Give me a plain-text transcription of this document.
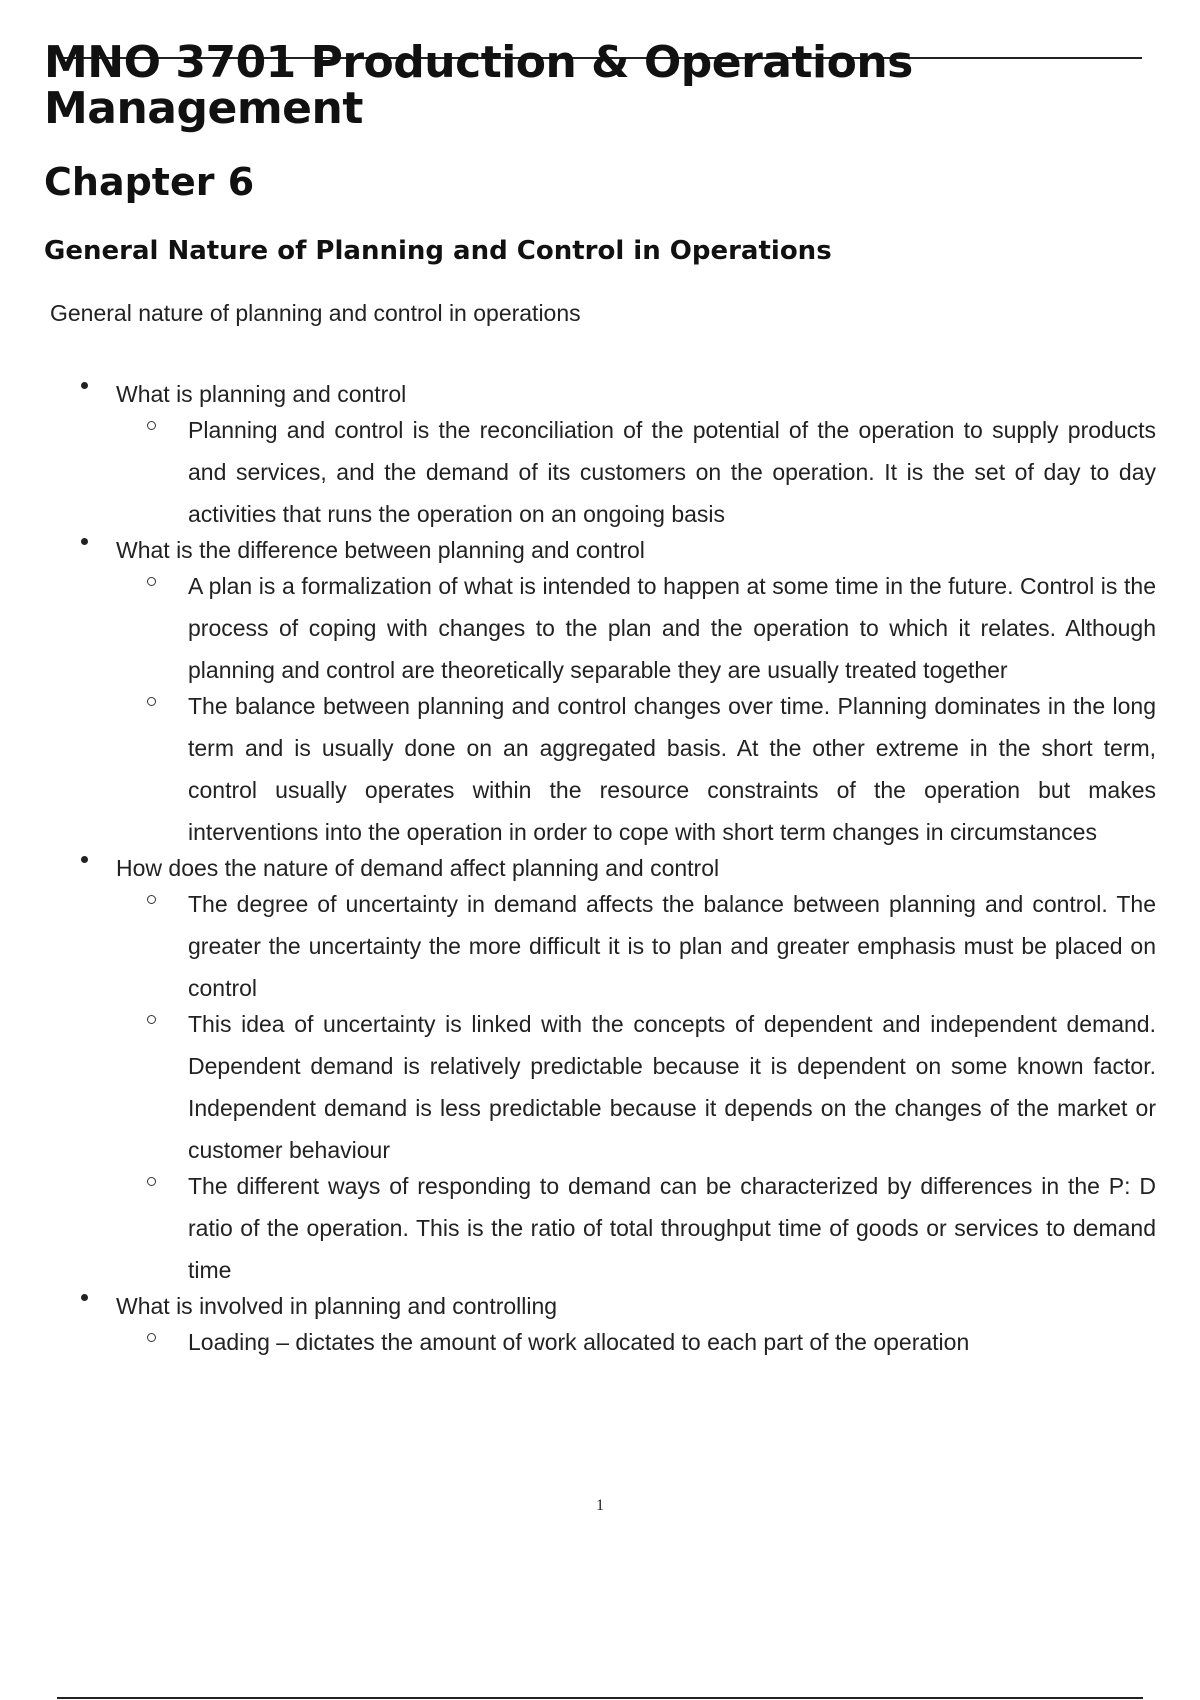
MNO 3701 Production & Operations
Management
Chapter 6
General Nature of Planning and Control in Operations

General nature of planning and control in operations

What is planning and control
Planning and control is the reconciliation of the potential of the operation to supply products and services, and the demand of its customers on the operation. It is the set of day to day activities that runs the operation on an ongoing basis
What is the difference between planning and control
A plan is a formalization of what is intended to happen at some time in the future. Control is the process of coping with changes to the plan and the operation to which it relates. Although planning and control are theoretically separable they are usually treated together
The balance between planning and control changes over time. Planning dominates in the long term and is usually done on an aggregated basis. At the other extreme in the short term, control usually operates within the resource constraints of the operation but makes interventions into the operation in order to cope with short term changes in circumstances
How does the nature of demand affect planning and control
The degree of uncertainty in demand affects the balance between planning and control. The greater the uncertainty the more difficult it is to plan and greater emphasis must be placed on control
This idea of uncertainty is linked with the concepts of dependent and independent demand. Dependent demand is relatively predictable because it is dependent on some known factor. Independent demand is less predictable because it depends on the changes of the market or customer behaviour
The different ways of responding to demand can be characterized by differences in the P: D ratio of the operation. This is the ratio of total throughput time of goods or services to demand time
What is involved in planning and controlling
Loading – dictates the amount of work allocated to each part of the operation
1
